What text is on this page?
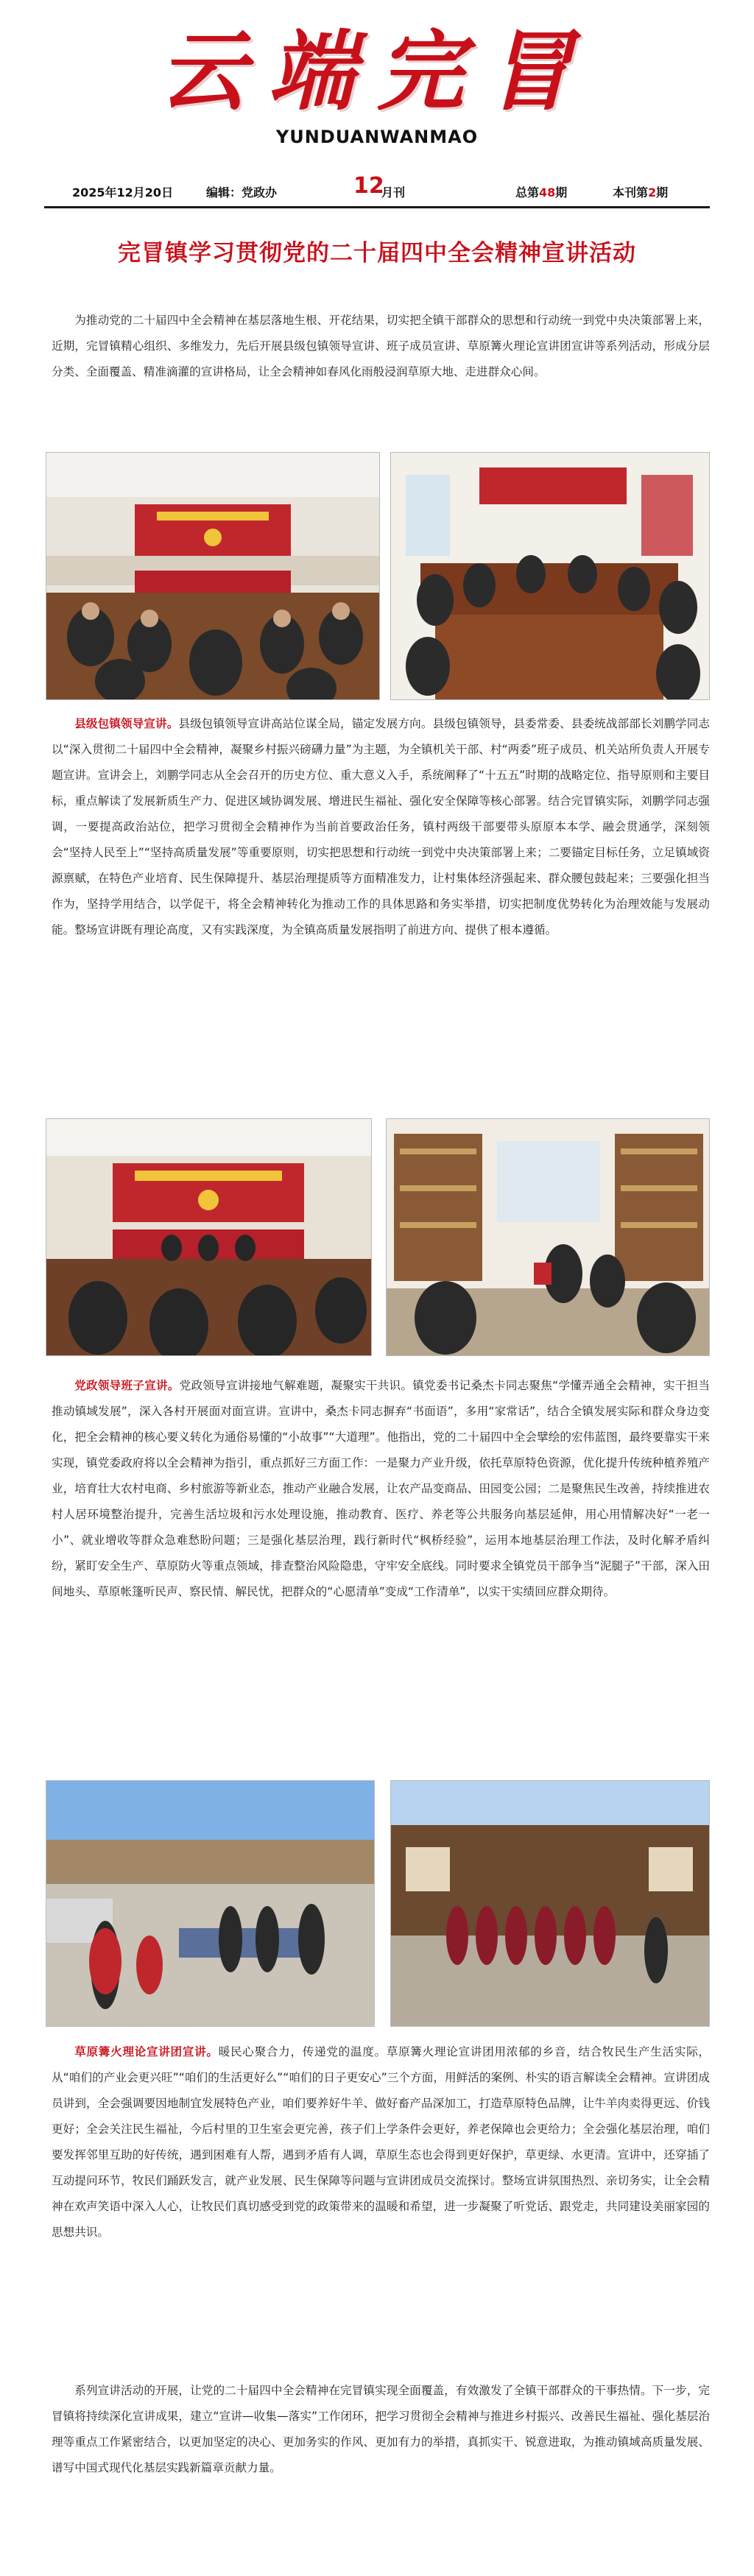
云端完冒
YUNDUANWANMAO
2025年12月20日	编辑：党政办	12
月刊	总第48期	本刊第2期
完冒镇学习贯彻党的二十届四中全会精神宣讲活动

为推动党的二十届四中全会精神在基层落地生根、开花结果，切实把全镇干部群众的思想和行动统一到党中央决策部署上来，近期，完冒镇精心组织、多维发力，先后开展县级包镇领导宣讲、班子成员宣讲、草原篝火理论宣讲团宣讲等系列活动，形成分层分类、全面覆盖、精准滴灌的宣讲格局，让全会精神如春风化雨般浸润草原大地、走进群众心间。

县级包镇领导宣讲。县级包镇领导宣讲高站位谋全局，锚定发展方向。县级包镇领导，县委常委、县委统战部部长刘鹏学同志以“深入贯彻二十届四中全会精神，凝聚乡村振兴磅礴力量”为主题，为全镇机关干部、村“两委”班子成员、机关站所负责人开展专题宣讲。宣讲会上，刘鹏学同志从全会召开的历史方位、重大意义入手，系统阐释了“十五五”时期的战略定位、指导原则和主要目标，重点解读了发展新质生产力、促进区域协调发展、增进民生福祉、强化安全保障等核心部署。结合完冒镇实际，刘鹏学同志强调，一要提高政治站位，把学习贯彻全会精神作为当前首要政治任务，镇村两级干部要带头原原本本学、融会贯通学，深刻领会“坚持人民至上”“坚持高质量发展”等重要原则，切实把思想和行动统一到党中央决策部署上来；二要锚定目标任务，立足镇域资源禀赋，在特色产业培育、民生保障提升、基层治理提质等方面精准发力，让村集体经济强起来、群众腰包鼓起来；三要强化担当作为，坚持学用结合，以学促干，将全会精神转化为推动工作的具体思路和务实举措，切实把制度优势转化为治理效能与发展动能。整场宣讲既有理论高度，又有实践深度，为全镇高质量发展指明了前进方向、提供了根本遵循。

党政领导班子宣讲。党政领导宣讲接地气解难题，凝聚实干共识。镇党委书记桑杰卡同志聚焦“学懂弄通全会精神，实干担当推动镇域发展”，深入各村开展面对面宣讲。宣讲中，桑杰卡同志摒弃“书面语”，多用“家常话”，结合全镇发展实际和群众身边变化，把全会精神的核心要义转化为通俗易懂的“小故事”“大道理”。他指出，党的二十届四中全会擘绘的宏伟蓝图，最终要靠实干来实现，镇党委政府将以全会精神为指引，重点抓好三方面工作：一是聚力产业升级，依托草原特色资源，优化提升传统种植养殖产业，培育壮大农村电商、乡村旅游等新业态，推动产业融合发展，让农产品变商品、田园变公园；二是聚焦民生改善，持续推进农村人居环境整治提升，完善生活垃圾和污水处理设施，推动教育、医疗、养老等公共服务向基层延伸，用心用情解决好“一老一小”、就业增收等群众急难愁盼问题；三是强化基层治理，践行新时代“枫桥经验”，运用本地基层治理工作法，及时化解矛盾纠纷，紧盯安全生产、草原防火等重点领域，排查整治风险隐患，守牢安全底线。同时要求全镇党员干部争当“泥腿子”干部，深入田间地头、草原帐篷听民声、察民情、解民忧，把群众的“心愿清单”变成“工作清单”，以实干实绩回应群众期待。

草原篝火理论宣讲团宣讲。暖民心聚合力，传递党的温度。草原篝火理论宣讲团用浓郁的乡音，结合牧民生产生活实际，从“咱们的产业会更兴旺”“咱们的生活更好么”“咱们的日子更安心”三个方面，用鲜活的案例、朴实的语言解读全会精神。宣讲团成员讲到，全会强调要因地制宜发展特色产业，咱们要养好牛羊、做好畜产品深加工，打造草原特色品牌，让牛羊肉卖得更远、价钱更好；全会关注民生福祉，今后村里的卫生室会更完善，孩子们上学条件会更好，养老保障也会更给力；全会强化基层治理，咱们要发挥邻里互助的好传统，遇到困难有人帮，遇到矛盾有人调，草原生态也会得到更好保护，草更绿、水更清。宣讲中，还穿插了互动提问环节，牧民们踊跃发言，就产业发展、民生保障等问题与宣讲团成员交流探讨。整场宣讲氛围热烈、亲切务实，让全会精神在欢声笑语中深入人心，让牧民们真切感受到党的政策带来的温暖和希望，进一步凝聚了听党话、跟党走，共同建设美丽家园的思想共识。

系列宣讲活动的开展，让党的二十届四中全会精神在完冒镇实现全面覆盖，有效激发了全镇干部群众的干事热情。下一步，完冒镇将持续深化宣讲成果，建立“宣讲—收集—落实”工作闭环，把学习贯彻全会精神与推进乡村振兴、改善民生福祉、强化基层治理等重点工作紧密结合，以更加坚定的决心、更加务实的作风、更加有力的举措，真抓实干、锐意进取，为推动镇域高质量发展、谱写中国式现代化基层实践新篇章贡献力量。
